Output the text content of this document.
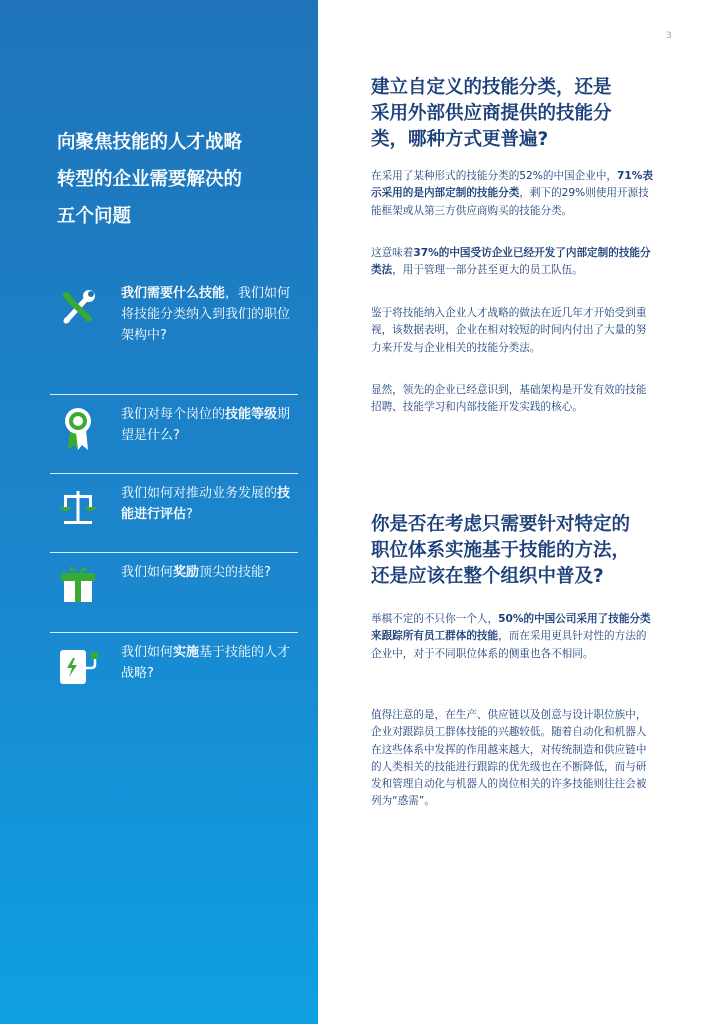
向聚焦技能的人才战略
转型的企业需要解决的
五个问题
我们需要什么技能，我们如何将技能分类纳入到我们的职位架构中?
我们对每个岗位的技能等级期望是什么?
我们如何对推动业务发展的技能进行评估?
我们如何奖励顶尖的技能?
我们如何实施基于技能的人才战略?
3
建立自定义的技能分类，还是
采用外部供应商提供的技能分
类，哪种方式更普遍?

在采用了某种形式的技能分类的52%的中国企业中，71%表示采用的是内部定制的技能分类，剩下的29%则使用开源技能框架或从第三方供应商购买的技能分类。

这意味着37%的中国受访企业已经开发了内部定制的技能分类法，用于管理一部分甚至更大的员工队伍。

鉴于将技能纳入企业人才战略的做法在近几年才开始受到重视，该数据表明，企业在相对较短的时间内付出了大量的努力来开发与企业相关的技能分类法。

显然，领先的企业已经意识到，基础架构是开发有效的技能招聘、技能学习和内部技能开发实践的核心。

你是否在考虑只需要针对特定的
职位体系实施基于技能的方法，
还是应该在整个组织中普及?

举棋不定的不只你一个人，50%的中国公司采用了技能分类来跟踪所有员工群体的技能，而在采用更具针对性的方法的企业中，对于不同职位体系的侧重也各不相同。

值得注意的是，在生产、供应链以及创意与设计职位族中，企业对跟踪员工群体技能的兴趣较低。随着自动化和机器人在这些体系中发挥的作用越来越大，对传统制造和供应链中的人类相关的技能进行跟踪的优先级也在不断降低，而与研发和管理自动化与机器人的岗位相关的许多技能则往往会被列为“惑需”。
